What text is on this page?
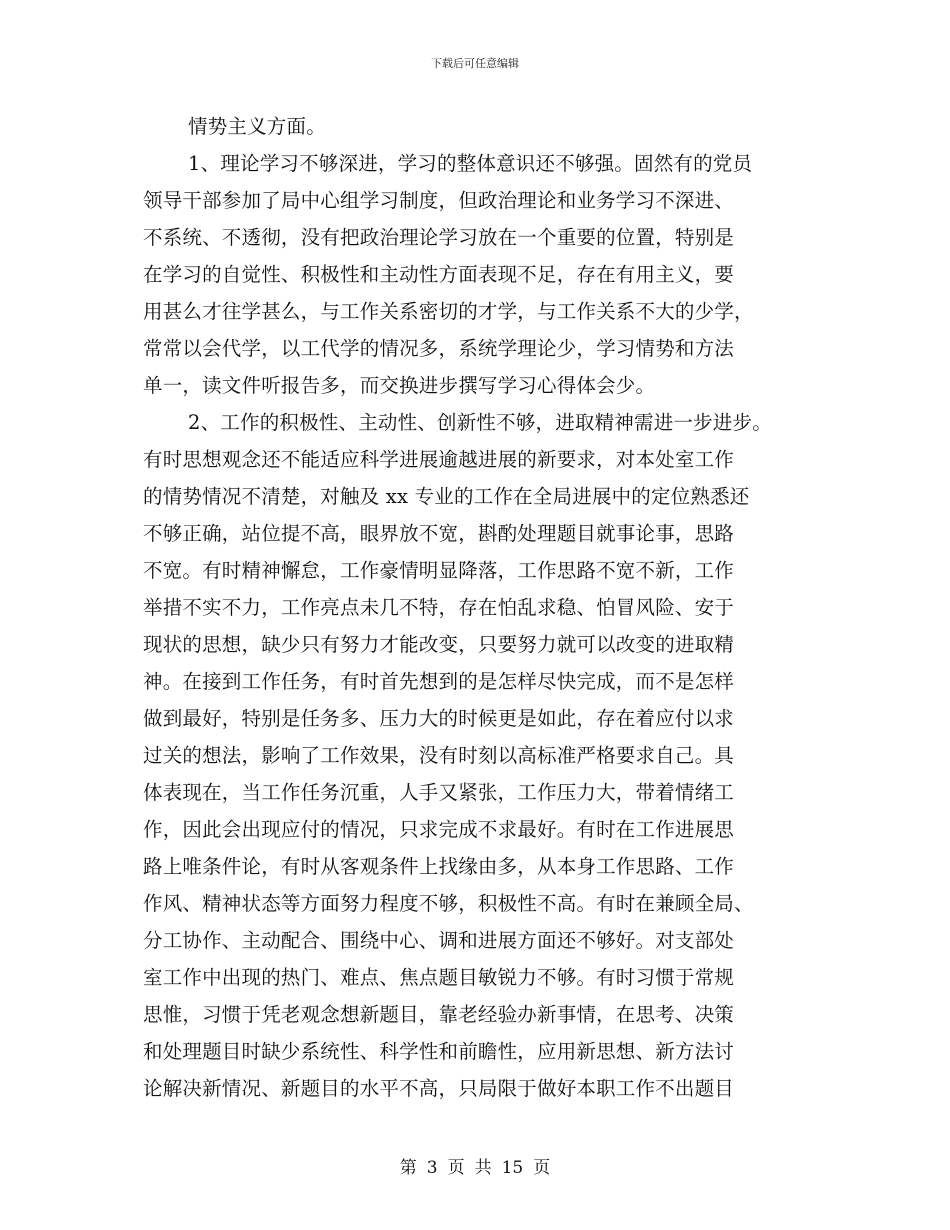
下载后可任意编辑
情势主义方面。
1、理论学习不够深进，学习的整体意识还不够强。固然有的党员
领导干部参加了局中心组学习制度，但政治理论和业务学习不深进、
不系统、不透彻，没有把政治理论学习放在一个重要的位置，特别是
在学习的自觉性、积极性和主动性方面表现不足，存在有用主义，要
用甚么才往学甚么，与工作关系密切的才学，与工作关系不大的少学，
常常以会代学，以工代学的情况多，系统学理论少，学习情势和方法
单一，读文件听报告多，而交换进步撰写学习心得体会少。
2、工作的积极性、主动性、创新性不够，进取精神需进一步进步。
有时思想观念还不能适应科学进展逾越进展的新要求，对本处室工作
的情势情况不清楚，对触及 xx 专业的工作在全局进展中的定位熟悉还
不够正确，站位提不高，眼界放不宽，斟酌处理题目就事论事，思路
不宽。有时精神懈怠，工作豪情明显降落，工作思路不宽不新，工作
举措不实不力，工作亮点未几不特，存在怕乱求稳、怕冒风险、安于
现状的思想，缺少只有努力才能改变，只要努力就可以改变的进取精
神。在接到工作任务，有时首先想到的是怎样尽快完成，而不是怎样
做到最好，特别是任务多、压力大的时候更是如此，存在着应付以求
过关的想法，影响了工作效果，没有时刻以高标准严格要求自己。具
体表现在，当工作任务沉重，人手又紧张，工作压力大，带着情绪工
作，因此会出现应付的情况，只求完成不求最好。有时在工作进展思
路上唯条件论，有时从客观条件上找缘由多，从本身工作思路、工作
作风、精神状态等方面努力程度不够，积极性不高。有时在兼顾全局、
分工协作、主动配合、围绕中心、调和进展方面还不够好。对支部处
室工作中出现的热门、难点、焦点题目敏锐力不够。有时习惯于常规
思惟，习惯于凭老观念想新题目，靠老经验办新事情，在思考、决策
和处理题目时缺少系统性、科学性和前瞻性，应用新思想、新方法讨
论解决新情况、新题目的水平不高，只局限于做好本职工作不出题目
第 3 页 共 15 页
